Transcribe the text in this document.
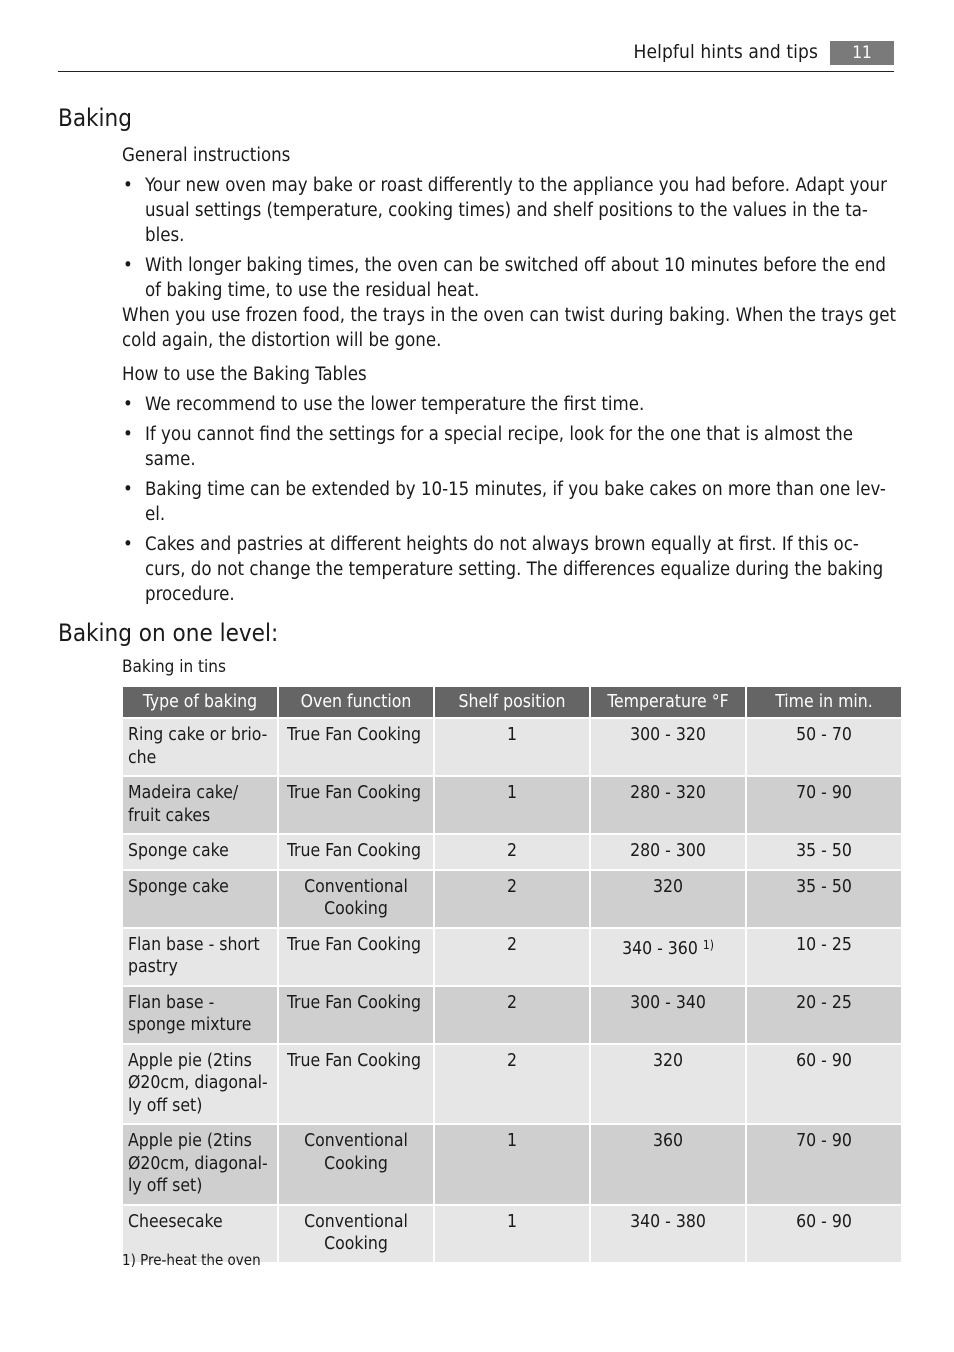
Helpful hints and tips	11
Baking

General instructions

• Your new oven may bake or roast differently to the appliance you had before. Adapt your usual settings (temperature, cooking times) and shelf positions to the values in the ta-bles.
• With longer baking times, the oven can be switched off about 10 minutes before the end of baking time, to use the residual heat.

When you use frozen food, the trays in the oven can twist during baking. When the trays get cold again, the distortion will be gone.

How to use the Baking Tables

• We recommend to use the lower temperature the first time.
• If you cannot find the settings for a special recipe, look for the one that is almost the same.
• Baking time can be extended by 10-15 minutes, if you bake cakes on more than one lev-el.
• Cakes and pastries at different heights do not always brown equally at first. If this oc-curs, do not change the temperature setting. The differences equalize during the baking procedure.
Baking on one level:
Baking in tins
Type of baking	Oven function	Shelf position	Temperature °F	Time in min.
Ring cake or brio-che	True Fan Cooking	1	300 - 320	50 - 70
Madeira cake/ fruit cakes	True Fan Cooking	1	280 - 320	70 - 90
Sponge cake	True Fan Cooking	2	280 - 300	35 - 50
Sponge cake	Conventional Cooking	2	320	35 - 50
Flan base - short pastry	True Fan Cooking	2	340 - 360 $^{1)}$	10 - 25
Flan base - sponge mixture	True Fan Cooking	2	300 - 340	20 - 25
Apple pie (2tins Ø20cm, diagonal-ly off set)	True Fan Cooking	2	320	60 - 90
Apple pie (2tins Ø20cm, diagonal-ly off set)	Conventional Cooking	1	360	70 - 90
Cheesecake	Conventional Cooking	1	340 - 380	60 - 90
1) Pre-heat the oven
